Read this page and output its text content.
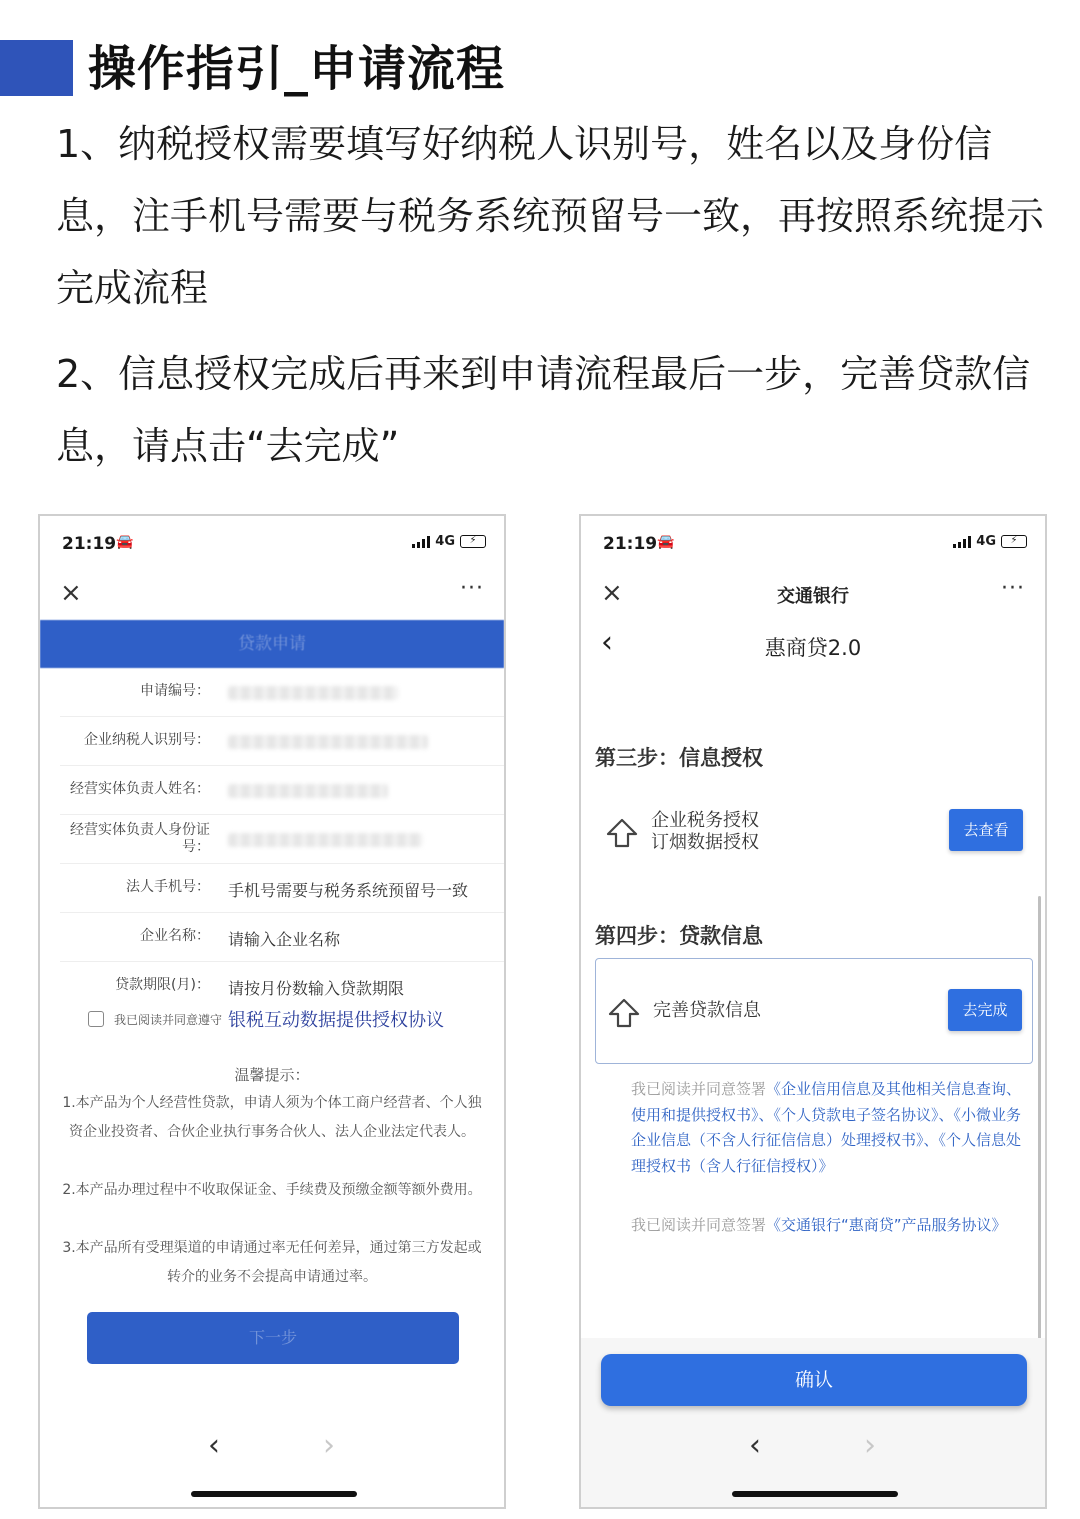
操作指引_申请流程
1、纳税授权需要填写好纳税人识别号，姓名以及身份信息，注手机号需要与税务系统预留号一致，再按照系统提示完成流程
2、信息授权完成后再来到申请流程最后一步，完善贷款信息，请点击“去完成”
21:19 🚘	4G	⚡
×	···
贷款申请
申请编号：
企业纳税人识别号：
经营实体负责人姓名：
经营实体负责人身份证号：
法人手机号： 手机号需要与税务系统预留号一致
企业名称： 请输入企业名称
贷款期限(月)： 请按月份数输入贷款期限
我已阅读并同意遵守 银税互动数据提供授权协议
温馨提示：
1.本产品为个人经营性贷款，申请人须为个体工商户经营者、个人独资企业投资者、合伙企业执行事务合伙人、法人企业法定代表人。
2.本产品办理过程中不收取保证金、手续费及预缴金额等额外费用。
3.本产品所有受理渠道的申请通过率无任何差异，通过第三方发起或转介的业务不会提高申请通过率。
下一步
‹	›
21:19 🚘	4G	⚡
×	交通银行	···
‹	惠商贷2.0
第三步：信息授权
企业税务授权
订烟数据授权
去查看
第四步：贷款信息
完善贷款信息	去完成
我已阅读并同意签署《企业信用信息及其他相关信息查询、使用和提供授权书》、《个人贷款电子签名协议》、《小微业务企业信息（不含人行征信信息）处理授权书》、《个人信息处理授权书（含人行征信授权）》
我已阅读并同意签署《交通银行“惠商贷”产品服务协议》
确认
‹	›
